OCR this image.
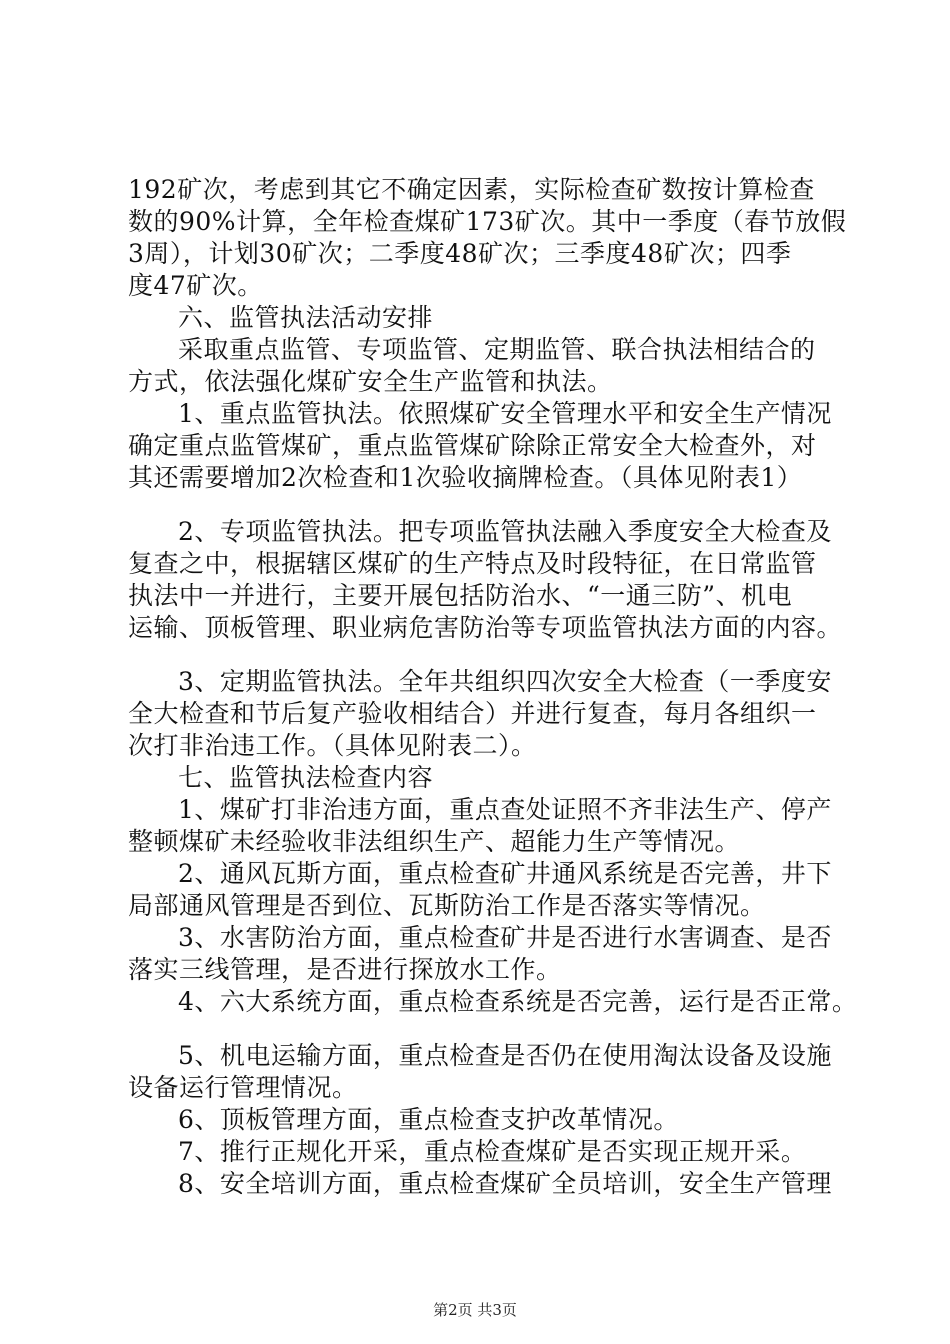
192矿次，考虑到其它不确定因素，实际检查矿数按计算检查
数的90%计算，全年检查煤矿173矿次。其中一季度（春节放假
3周），计划30矿次；二季度48矿次；三季度48矿次；四季
度47矿次。
六、监管执法活动安排
采取重点监管、专项监管、定期监管、联合执法相结合的
方式，依法强化煤矿安全生产监管和执法。
1、重点监管执法。依照煤矿安全管理水平和安全生产情况
确定重点监管煤矿，重点监管煤矿除除正常安全大检查外，对
其还需要增加2次检查和1次验收摘牌检查。（具体见附表1）
2、专项监管执法。把专项监管执法融入季度安全大检查及
复查之中，根据辖区煤矿的生产特点及时段特征，在日常监管
执法中一并进行，主要开展包括防治水、“一通三防”、机电
运输、顶板管理、职业病危害防治等专项监管执法方面的内容。
3、定期监管执法。全年共组织四次安全大检查（一季度安
全大检查和节后复产验收相结合）并进行复查，每月各组织一
次打非治违工作。（具体见附表二）。
七、监管执法检查内容
1、煤矿打非治违方面，重点查处证照不齐非法生产、停产
整顿煤矿未经验收非法组织生产、超能力生产等情况。
2、通风瓦斯方面，重点检查矿井通风系统是否完善，井下
局部通风管理是否到位、瓦斯防治工作是否落实等情况。
3、水害防治方面，重点检查矿井是否进行水害调查、是否
落实三线管理，是否进行探放水工作。
4、六大系统方面，重点检查系统是否完善，运行是否正常。
5、机电运输方面，重点检查是否仍在使用淘汰设备及设施
设备运行管理情况。
6、顶板管理方面，重点检查支护改革情况。
7、推行正规化开采，重点检查煤矿是否实现正规开采。
8、安全培训方面，重点检查煤矿全员培训，安全生产管理
第2页 共3页
